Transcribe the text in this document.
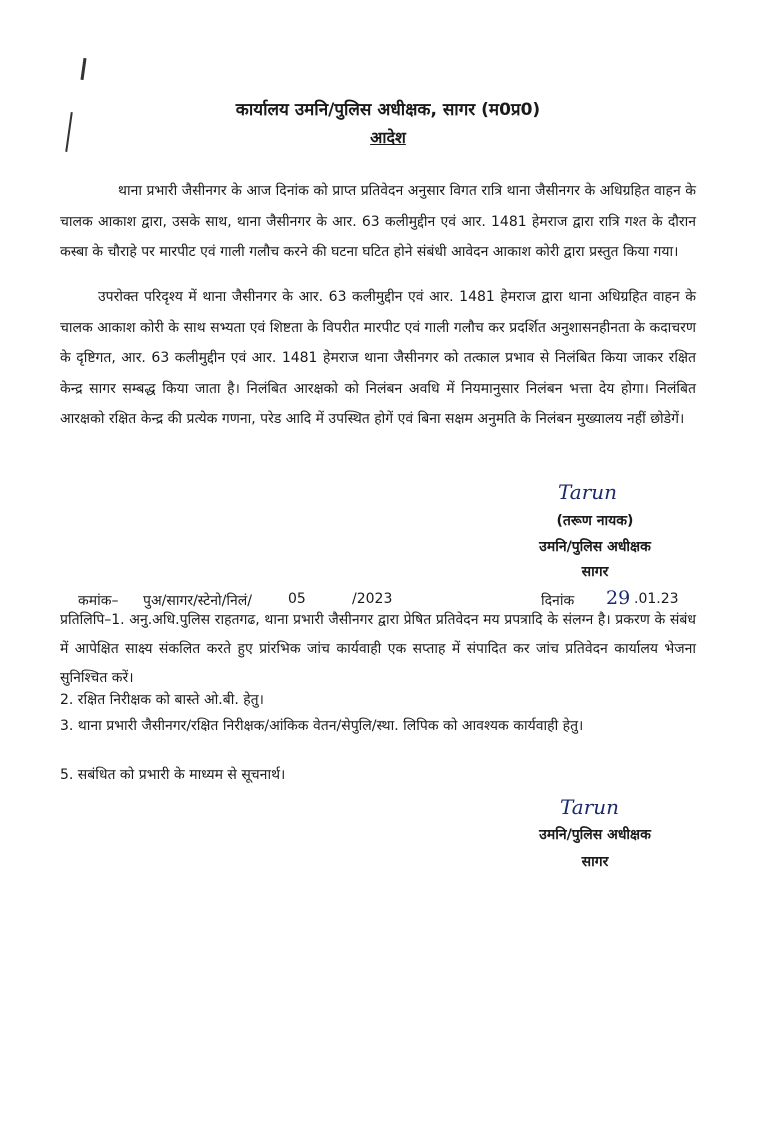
कार्यालय उमनि/पुलिस अधीक्षक, सागर (म0प्र0)
आदेश
थाना प्रभारी जैसीनगर के आज दिनांक को प्राप्त प्रतिवेदन अनुसार विगत रात्रि थाना जैसीनगर के अधिग्रहित वाहन के चालक आकाश द्वारा, उसके साथ, थाना जैसीनगर के आर. 63 कलीमुद्दीन एवं आर. 1481 हेमराज द्वारा रात्रि गश्त के दौरान कस्बा के चौराहे पर मारपीट एवं गाली गलौच करने की घटना घटित होने संबंधी आवेदन आकाश कोरी द्वारा प्रस्तुत किया गया।
उपरोक्त परिदृश्य में थाना जैसीनगर के आर. 63 कलीमुद्दीन एवं आर. 1481 हेमराज द्वारा थाना अधिग्रहित वाहन के चालक आकाश कोरी के साथ सभ्यता एवं शिष्टता के विपरीत मारपीट एवं गाली गलौच कर प्रदर्शित अनुशासनहीनता के कदाचरण के दृष्टिगत, आर. 63 कलीमुद्दीन एवं आर. 1481 हेमराज थाना जैसीनगर को तत्काल प्रभाव से निलंबित किया जाकर रक्षित केन्द्र सागर सम्बद्ध किया जाता है। निलंबित आरक्षको को निलंबन अवधि में नियमानुसार निलंबन भत्ता देय होगा। निलंबित आरक्षको रक्षित केन्द्र की प्रत्येक गणना, परेड आदि में उपस्थित होगें एवं बिना सक्षम अनुमति के निलंबन मुख्यालय नहीं छोडेगें।
Tarun
(तरूण नायक)
उमनि/पुलिस अधीक्षक
सागर
कमांक– पुअ/सागर/स्टेनो/निलं/	05	/2023	दिनांक 29 .01.23
प्रतिलिपि–1. अनु.अधि.पुलिस राहतगढ, थाना प्रभारी जैसीनगर द्वारा प्रेषित प्रतिवेदन मय प्रपत्रादि के संलग्न है। प्रकरण के संबंध में आपेक्षित साक्ष्य संकलित करते हुए प्रांरभिक जांच कार्यवाही एक सप्ताह में संपादित कर जांच प्रतिवेदन कार्यालय भेजना सुनिश्चित करें।
2. रक्षित निरीक्षक को बास्ते ओ.बी. हेतु।
3. थाना प्रभारी जैसीनगर/रक्षित निरीक्षक/आंकिक वेतन/सेपुलि/स्था. लिपिक को आवश्यक कार्यवाही हेतु।
5. सबंधित को प्रभारी के माध्यम से सूचनार्थ।
Tarun
उमनि/पुलिस अधीक्षक
सागर
